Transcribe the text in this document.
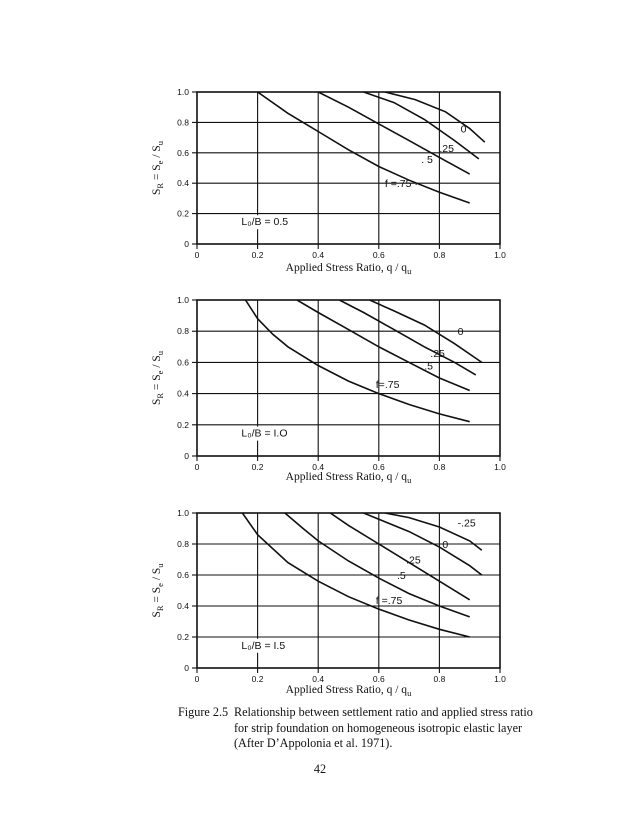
0	0.2	0.4	0.6	0.8	1.0
0
0.2
0.4
0.6
0.8
1.0
f =.75 ·
. 5
.25
0
L₀/B = 0.5
Applied Stress Ratio, q / $q_u$
$S_R = S_e / S_u$
0	0.2	0.4	0.6	0.8	1.0
0
0.2
0.4
0.6
0.8
1.0
f=.75
.5
.25
0
L₀/B = I.O
Applied Stress Ratio, q / $q_u$
$S_R = S_e / S_u$
0	0.2	0.4	0.6	0.8	1.0
0
0.2
0.4
0.6
0.8
1.0
f =.75
.5
.25
0
-.25
L₀/B = I.5
Applied Stress Ratio, q / $q_u$
$S_R = S_e / S_u$
Figure 2.5 Relationship between settlement ratio and applied stress ratio
for strip foundation on homogeneous isotropic elastic layer
(After D’Appolonia et al. 1971).
42
